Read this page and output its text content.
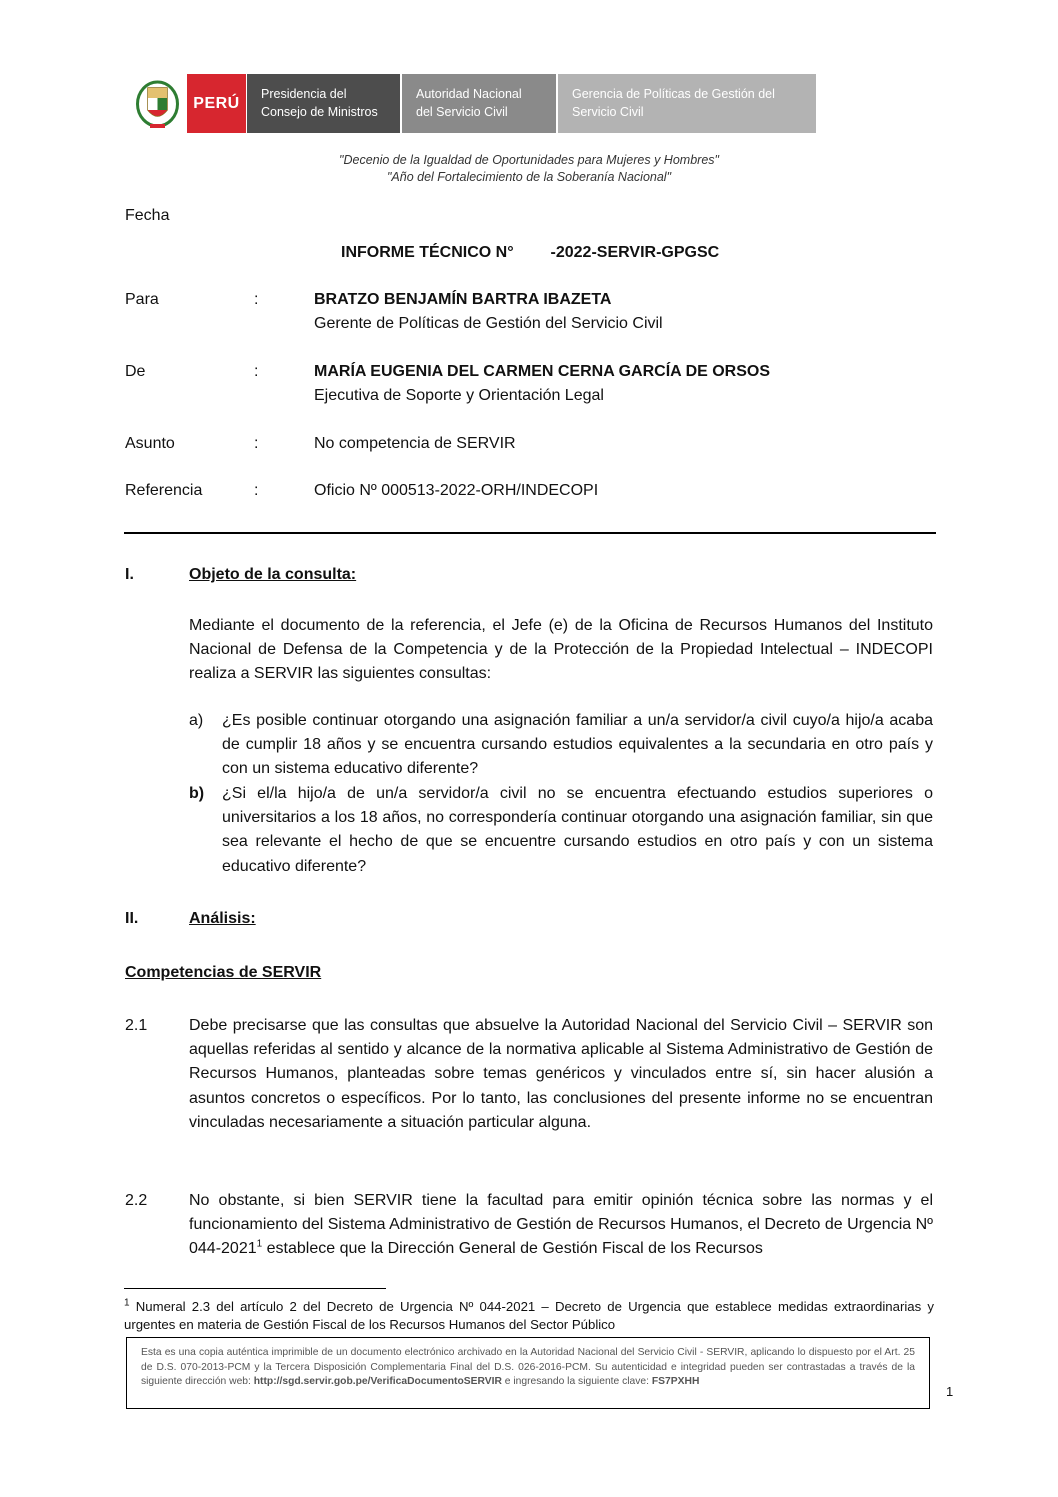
PERÚ
Presidencia del
Consejo de Ministros
Autoridad Nacional
del Servicio Civil
Gerencia de Políticas de Gestión del
Servicio Civil
"Decenio de la Igualdad de Oportunidades para Mujeres y Hombres"
"Año del Fortalecimiento de la Soberanía Nacional"
Fecha
INFORME TÉCNICO N° -2022-SERVIR-GPGSC
Para	:	BRATZO BENJAMÍN BARTRA IBAZETA
Gerente de Políticas de Gestión del Servicio Civil
De	:	MARÍA EUGENIA DEL CARMEN CERNA GARCÍA DE ORSOS
Ejecutiva de Soporte y Orientación Legal
Asunto	:	No competencia de SERVIR
Referencia	:	Oficio Nº 000513-2022-ORH/INDECOPI
I.	Objeto de la consulta:
Mediante el documento de la referencia, el Jefe (e) de la Oficina de Recursos Humanos del Instituto Nacional de Defensa de la Competencia y de la Protección de la Propiedad Intelectual – INDECOPI realiza a SERVIR las siguientes consultas:
a) ¿Es posible continuar otorgando una asignación familiar a un/a servidor/a civil cuyo/a hijo/a acaba de cumplir 18 años y se encuentra cursando estudios equivalentes a la secundaria en otro país y con un sistema educativo diferente?
b) ¿Si el/la hijo/a de un/a servidor/a civil no se encuentra efectuando estudios superiores o universitarios a los 18 años, no correspondería continuar otorgando una asignación familiar, sin que sea relevante el hecho de que se encuentre cursando estudios en otro país y con un sistema educativo diferente?
II.	Análisis:
Competencias de SERVIR
2.1	Debe precisarse que las consultas que absuelve la Autoridad Nacional del Servicio Civil – SERVIR son aquellas referidas al sentido y alcance de la normativa aplicable al Sistema Administrativo de Gestión de Recursos Humanos, planteadas sobre temas genéricos y vinculados entre sí, sin hacer alusión a asuntos concretos o específicos. Por lo tanto, las conclusiones del presente informe no se encuentran vinculadas necesariamente a situación particular alguna.
2.2	No obstante, si bien SERVIR tiene la facultad para emitir opinión técnica sobre las normas y el funcionamiento del Sistema Administrativo de Gestión de Recursos Humanos, el Decreto de Urgencia Nº 044-2021$^1$ establece que la Dirección General de Gestión Fiscal de los Recursos
$^1$ Numeral 2.3 del artículo 2 del Decreto de Urgencia Nº 044-2021 – Decreto de Urgencia que establece medidas extraordinarias y urgentes en materia de Gestión Fiscal de los Recursos Humanos del Sector Público
Esta es una copia auténtica imprimible de un documento electrónico archivado en la Autoridad Nacional del Servicio Civil - SERVIR, aplicando lo dispuesto por el Art. 25 de D.S. 070-2013-PCM y la Tercera Disposición Complementaria Final del D.S. 026-2016-PCM. Su autenticidad e integridad pueden ser contrastadas a través de la siguiente dirección web: http://sgd.servir.gob.pe/VerificaDocumentoSERVIR e ingresando la siguiente clave: FS7PXHH
1
